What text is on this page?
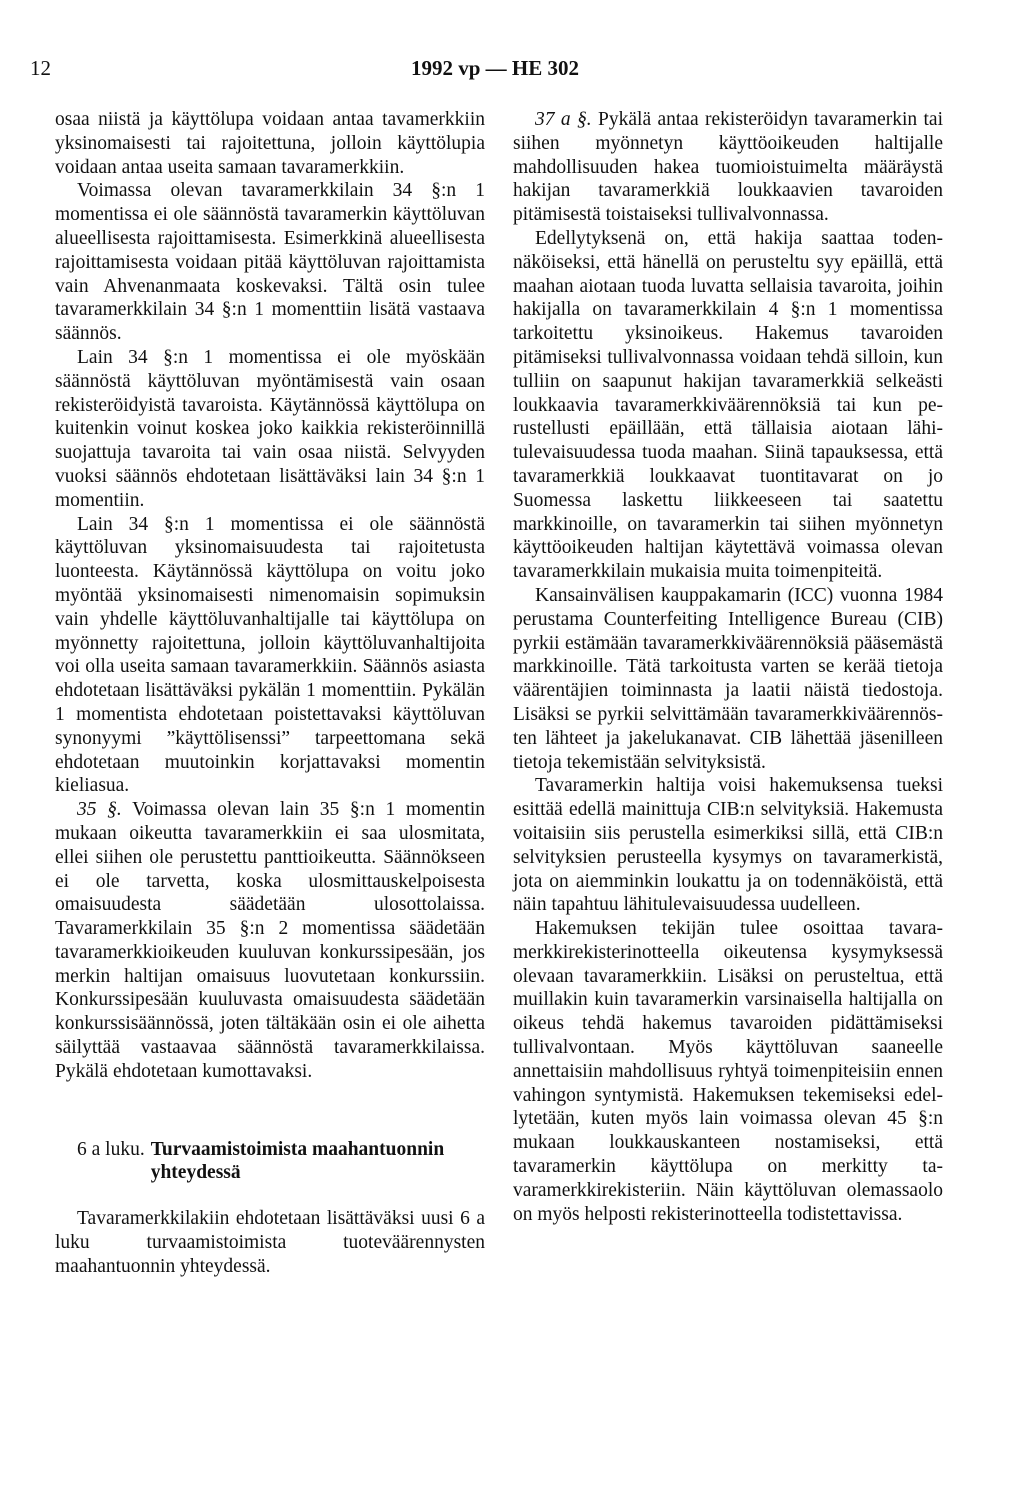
12	1992 vp — HE 302

osaa niistä ja käyttölupa voidaan antaa tavamerkkiin yksinomaisesti tai rajoitettuna, jolloin käyttölupia voidaan antaa useita samaan tavaramerkkiin.

Voimassa olevan tavaramerkkilain 34 §:n 1 momentissa ei ole säännöstä tavaramerkin käyttöluvan alueellisesta rajoittamisesta. Esimerkkinä alueellisesta rajoittamisesta voidaan pitää käyttöluvan rajoittamista vain Ahvenanmaata koskevaksi. Tältä osin tulee tavaramerkkilain 34 §:n 1 momenttiin lisätä vastaava säännös.

Lain 34 §:n 1 momentissa ei ole myöskään säännöstä käyttöluvan myöntämisestä vain osaan rekisteröidyistä tavaroista. Käytännössä käyttölupa on kuitenkin voinut koskea joko kaikkia rekisteröinnillä suojattuja tavaroita tai vain osaa niistä. Selvyyden vuoksi säännös ehdotetaan lisättäväksi lain 34 §:n 1 momentiin.

Lain 34 §:n 1 momentissa ei ole säännöstä käyttöluvan yksinomaisuudesta tai rajoitetusta luonteesta. Käytännössä käyttölupa on voitu joko myöntää yksinomaisesti nimenomaisin sopimuksin vain yhdelle käyttöluvanhaltijalle tai käyttölupa on myönnetty rajoitettuna, jolloin käyttöluvanhaltijoita voi olla useita samaan tavaramerkkiin. Säännös asiasta ehdotetaan lisättäväksi pykälän 1 momenttiin. Pykälän 1 momentista ehdotetaan poistettavaksi käyttöluvan synonyymi ”käyttölisenssi” tarpeettomana sekä ehdotetaan muutoinkin korjattavaksi momentin kieliasua.

35 §. Voimassa olevan lain 35 §:n 1 momentin mukaan oikeutta tavaramerkkiin ei saa ulosmitata, ellei siihen ole perustettu panttioikeutta. Säännökseen ei ole tarvetta, koska ulosmittauskelpoisesta omaisuudesta säädetään ulosottolaissa. Tavaramerkkilain 35 §:n 2 momentissa säädetään tavaramerkkioikeuden kuuluvan konkurssipesään, jos merkin haltijan omaisuus luovutetaan konkurssiin. Konkurssipesään kuuluvasta omaisuudesta säädetään konkurssisäännössä, joten tältäkään osin ei ole aihetta säilyttää vastaavaa säännöstä tavaramerkkilaissa. Pykälä ehdotetaan kumottavaksi.

6 a luku. Turvaamistoimista maahantuonnin yhteydessä

Tavaramerkkilakiin ehdotetaan lisättäväksi uusi 6 a luku turvaamistoimista tuoteväärennysten maahantuonnin yhteydessä.

37 a §. Pykälä antaa rekisteröidyn tavaramerkin tai siihen myönnetyn käyttöoikeuden haltijalle mahdollisuuden hakea tuomioistuimelta määräystä hakijan tavaramerkkiä loukkaavien tavaroiden pitämisestä toistaiseksi tullivalvonnassa.

Edellytyksenä on, että hakija saattaa todennäköiseksi, että hänellä on perusteltu syy epäillä, että maahan aiotaan tuoda luvatta sellaisia tavaroita, joihin hakijalla on tavaramerkkilain 4 §:n 1 momentissa tarkoitettu yksinoikeus. Hakemus tavaroiden pitämiseksi tullivalvonnassa voidaan tehdä silloin, kun tulliin on saapunut hakijan tavaramerkkiä selkeästi loukkaavia tavaramerkkiväärennöksiä tai kun perustellusti epäillään, että tällaisia aiotaan lähitulevaisuudessa tuoda maahan. Siinä tapauksessa, että tavaramerkkiä loukkaavat tuontitavarat on jo Suomessa laskettu liikkeeseen tai saatettu markkinoille, on tavaramerkin tai siihen myönnetyn käyttöoikeuden haltijan käytettävä voimassa olevan tavaramerkkilain mukaisia muita toimenpiteitä.

Kansainvälisen kauppakamarin (ICC) vuonna 1984 perustama Counterfeiting Intelligence Bureau (CIB) pyrkii estämään tavaramerkkiväärennöksiä pääsemästä markkinoille. Tätä tarkoitusta varten se kerää tietoja väärentäjien toiminnasta ja laatii näistä tiedostoja. Lisäksi se pyrkii selvittämään tavaramerkkiväärennösten lähteet ja jakelukanavat. CIB lähettää jäsenilleen tietoja tekemistään selvityksistä.

Tavaramerkin haltija voisi hakemuksensa tueksi esittää edellä mainittuja CIB:n selvityksiä. Hakemusta voitaisiin siis perustella esimerkiksi sillä, että CIB:n selvityksien perusteella kysymys on tavaramerkistä, jota on aiemminkin loukattu ja on todennäköistä, että näin tapahtuu lähitulevaisuudessa uudelleen.

Hakemuksen tekijän tulee osoittaa tavaramerkkirekisterinotteella oikeutensa kysymyksessä olevaan tavaramerkkiin. Lisäksi on perusteltua, että muillakin kuin tavaramerkin varsinaisella haltijalla on oikeus tehdä hakemus tavaroiden pidättämiseksi tullivalvontaan. Myös käyttöluvan saaneelle annettaisiin mahdollisuus ryhtyä toimenpiteisiin ennen vahingon syntymistä. Hakemuksen tekemiseksi edellytetään, kuten myös lain voimassa olevan 45 §:n mukaan loukkauskanteen nostamiseksi, että tavaramerkin käyttölupa on merkitty tavaramerkkirekisteriin. Näin käyttöluvan olemassaolo on myös helposti rekisterinotteella todistettavissa.
